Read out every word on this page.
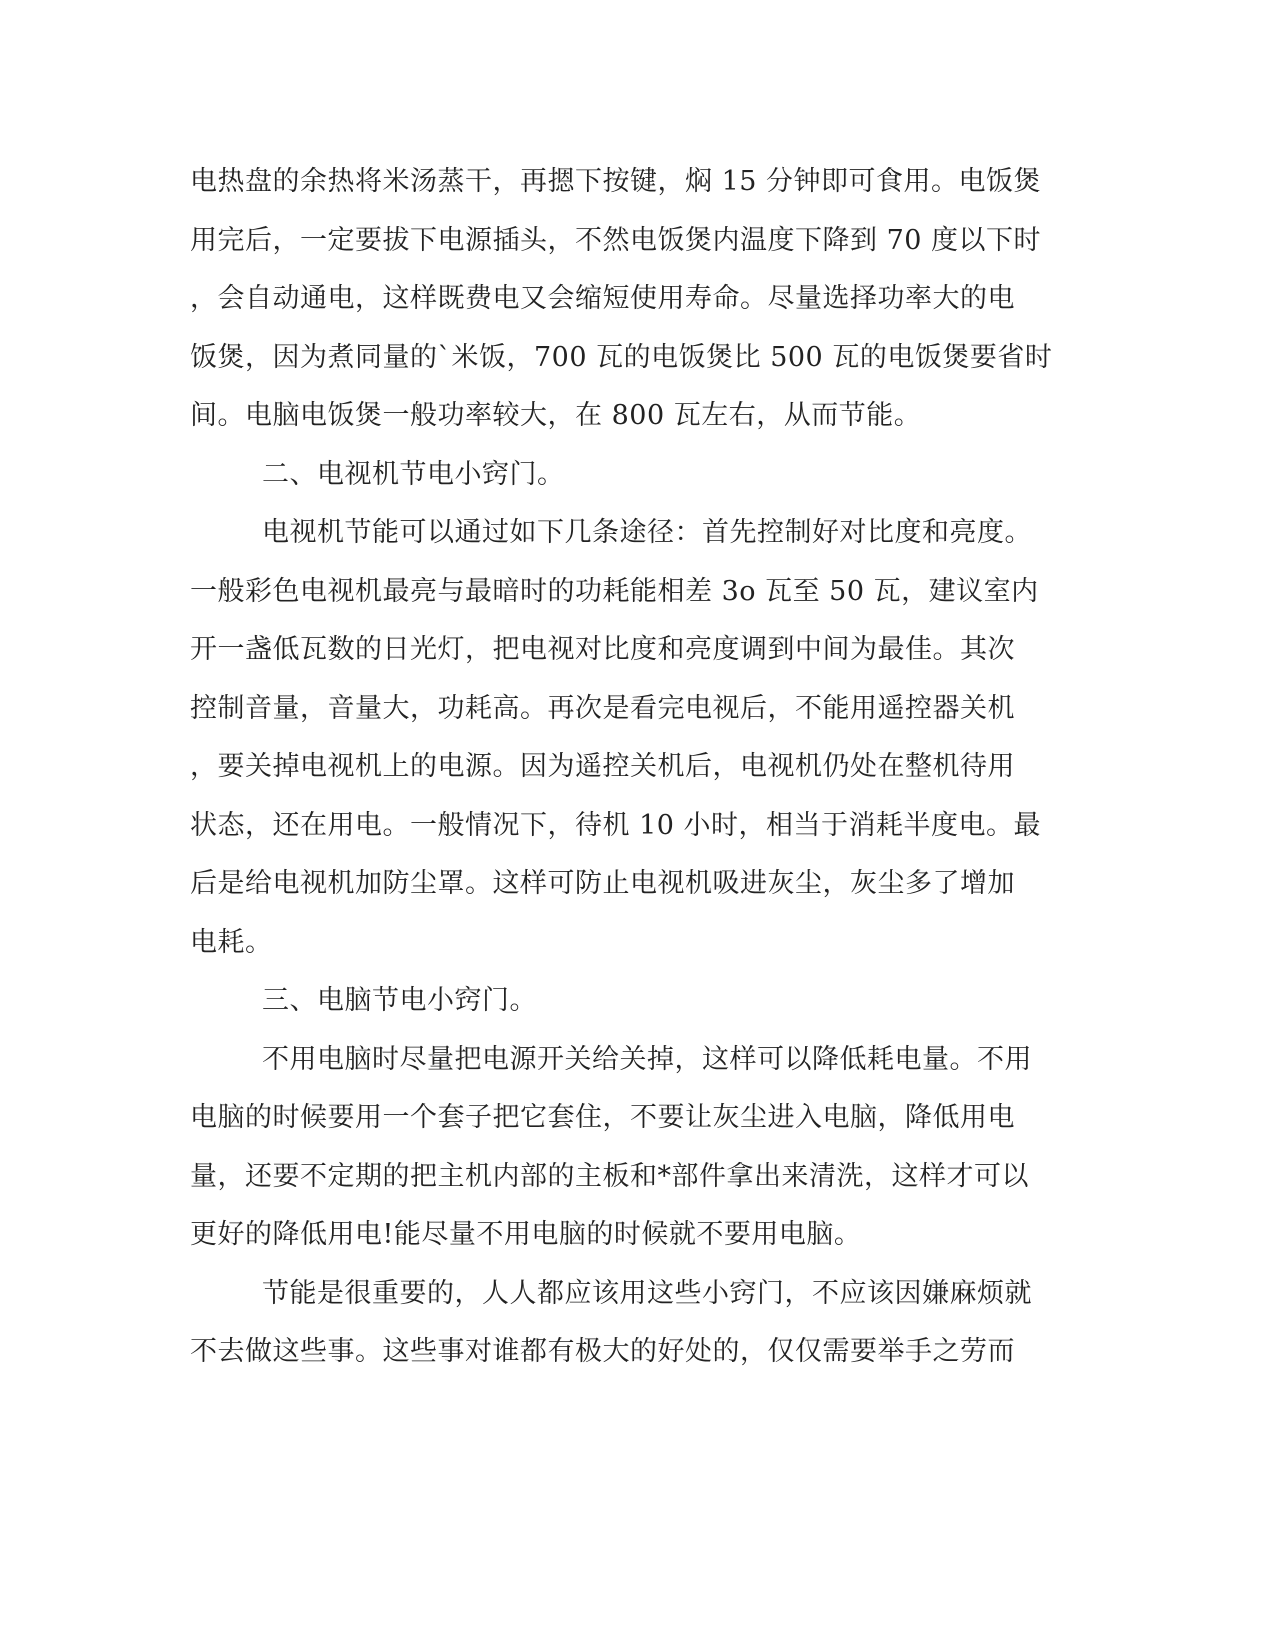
电热盘的余热将米汤蒸干，再摁下按键，焖 15 分钟即可食用。电饭煲
用完后，一定要拔下电源插头，不然电饭煲内温度下降到 70 度以下时
，会自动通电，这样既费电又会缩短使用寿命。尽量选择功率大的电
饭煲，因为煮同量的`米饭，700 瓦的电饭煲比 500 瓦的电饭煲要省时
间。电脑电饭煲一般功率较大，在 800 瓦左右，从而节能。
二、电视机节电小窍门。
电视机节能可以通过如下几条途径：首先控制好对比度和亮度。
一般彩色电视机最亮与最暗时的功耗能相差 3o 瓦至 50 瓦，建议室内
开一盏低瓦数的日光灯，把电视对比度和亮度调到中间为最佳。其次
控制音量，音量大，功耗高。再次是看完电视后，不能用遥控器关机
，要关掉电视机上的电源。因为遥控关机后，电视机仍处在整机待用
状态，还在用电。一般情况下，待机 10 小时，相当于消耗半度电。最
后是给电视机加防尘罩。这样可防止电视机吸进灰尘，灰尘多了增加
电耗。
三、电脑节电小窍门。
不用电脑时尽量把电源开关给关掉，这样可以降低耗电量。不用
电脑的时候要用一个套子把它套住，不要让灰尘进入电脑，降低用电
量，还要不定期的把主机内部的主板和*部件拿出来清洗，这样才可以
更好的降低用电!能尽量不用电脑的时候就不要用电脑。
节能是很重要的，人人都应该用这些小窍门，不应该因嫌麻烦就
不去做这些事。这些事对谁都有极大的好处的，仅仅需要举手之劳而
